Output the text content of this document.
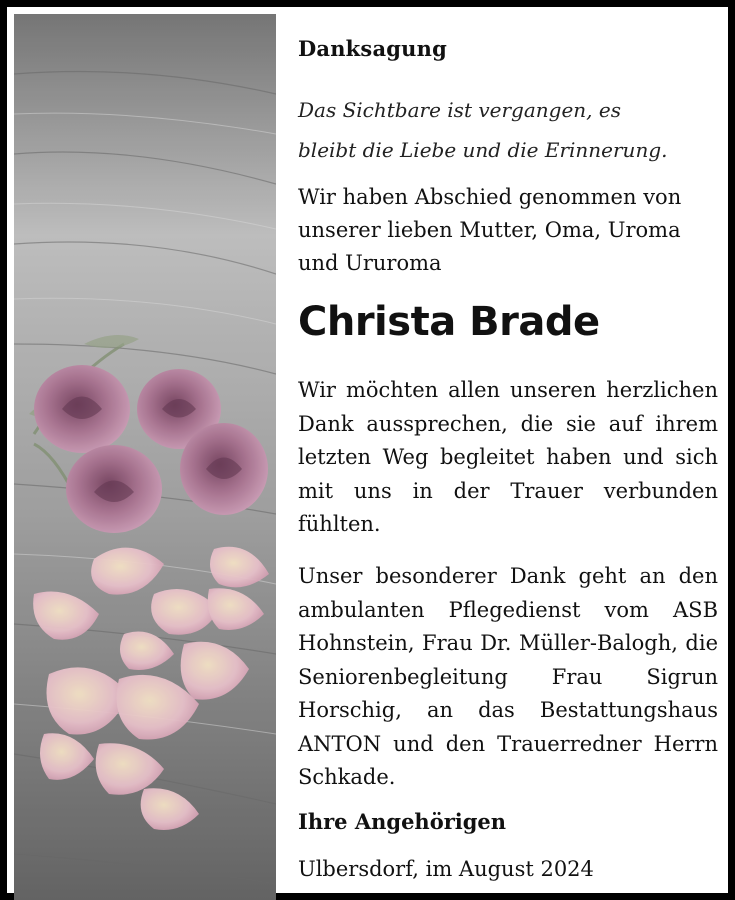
Danksagung
Das Sichtbare ist vergangen, es
bleibt die Liebe und die Erinnerung.
Wir haben Abschied genommen von unserer lieben Mutter, Oma, Uroma und Ururoma
Christa Brade
Wir möchten allen unseren herzlichen Dank aussprechen, die sie auf ihrem letzten Weg begleitet haben und sich mit uns in der Trauer verbunden fühlten.
Unser besonderer Dank geht an den ambulanten Pflegedienst vom ASB Hohnstein, Frau Dr. Müller-Balogh, die Seniorenbegleitung Frau Sigrun Horschig, an das Bestattungshaus ANTON und den Trauerredner Herrn Schkade.
Ihre Angehörigen
Ulbersdorf, im August 2024
